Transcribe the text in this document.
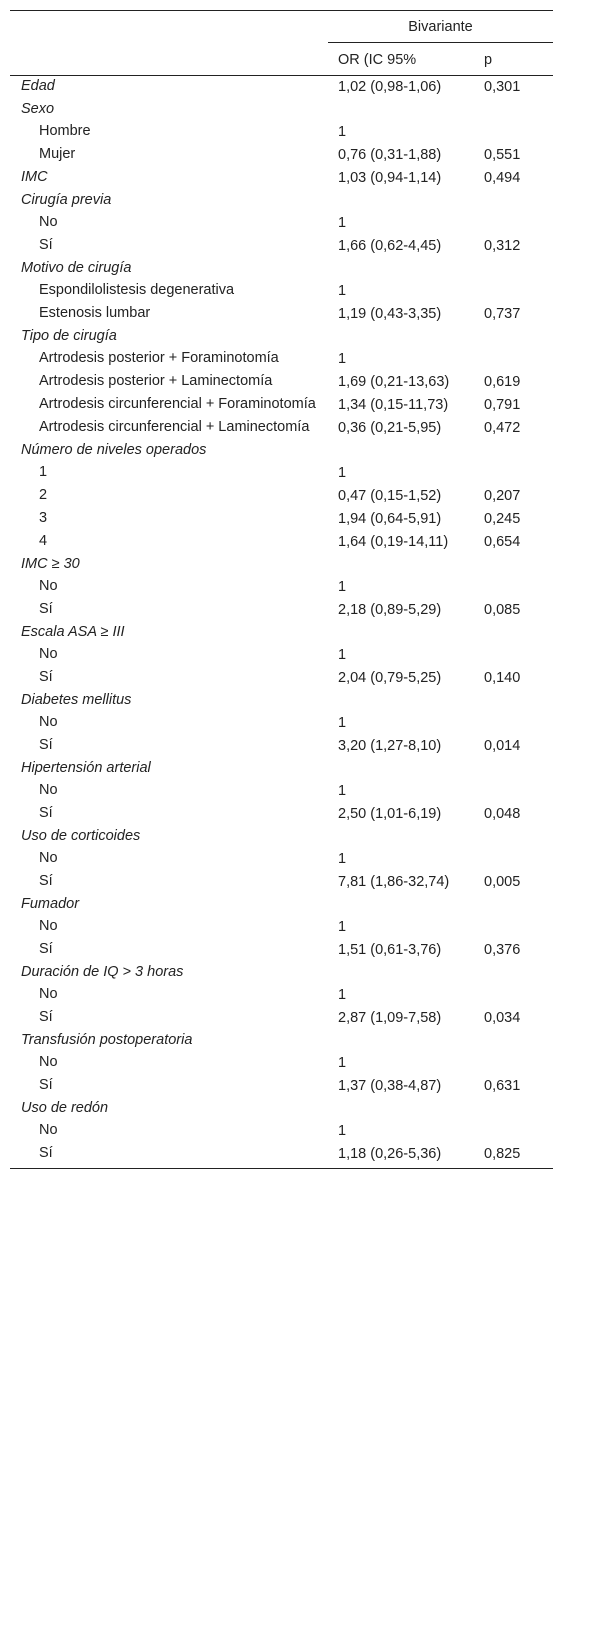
	Bivariante	
	OR (IC 95%	p
Edad	1,02 (0,98-1,06)	0,301
Sexo		
Hombre	1	
Mujer	0,76 (0,31-1,88)	0,551
IMC	1,03 (0,94-1,14)	0,494
Cirugía previa		
No	1	
Sí	1,66 (0,62-4,45)	0,312
Motivo de cirugía		
Espondilolistesis degenerativa	1	
Estenosis lumbar	1,19 (0,43-3,35)	0,737
Tipo de cirugía		
Artrodesis posterior + Foraminotomía	1	
Artrodesis posterior + Laminectomía	1,69 (0,21-13,63)	0,619
Artrodesis circunferencial + Foraminotomía	1,34 (0,15-11,73)	0,791
Artrodesis circunferencial + Laminectomía	0,36 (0,21-5,95)	0,472
Número de niveles operados		
1	1	
2	0,47 (0,15-1,52)	0,207
3	1,94 (0,64-5,91)	0,245
4	1,64 (0,19-14,11)	0,654
IMC ≥ 30		
No	1	
Sí	2,18 (0,89-5,29)	0,085
Escala ASA ≥ III		
No	1	
Sí	2,04 (0,79-5,25)	0,140
Diabetes mellitus		
No	1	
Sí	3,20 (1,27-8,10)	0,014
Hipertensión arterial		
No	1	
Sí	2,50 (1,01-6,19)	0,048
Uso de corticoides		
No	1	
Sí	7,81 (1,86-32,74)	0,005
Fumador		
No	1	
Sí	1,51 (0,61-3,76)	0,376
Duración de IQ > 3 horas		
No	1	
Sí	2,87 (1,09-7,58)	0,034
Transfusión postoperatoria		
No	1	
Sí	1,37 (0,38-4,87)	0,631
Uso de redón		
No	1	
Sí	1,18 (0,26-5,36)	0,825
